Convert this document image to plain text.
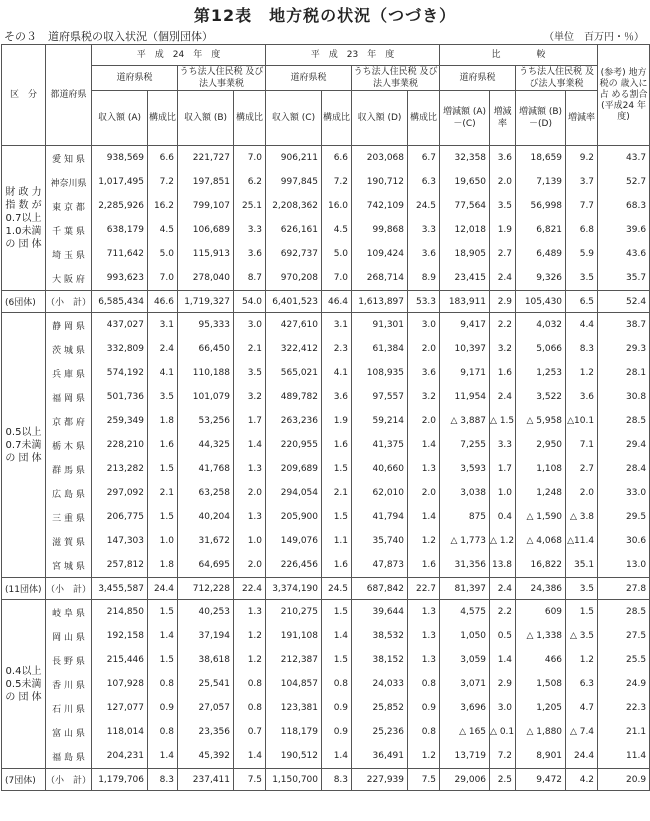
第12表　地方税の状況（つづき）
その３　道府県税の収入状況（個別団体）	（単位　百万円・％）
区　分	都道府県	平　成　24　年　度				平　成　23　年　度				比　　　　較				(参考) 地方税の 歳入に占 める割合 (平成24 年度)
		道府県税		うち法人住民税 及び法人事業税		道府県税		うち法人住民税 及び法人事業税		道府県税		うち法人住民税 及び法人事業税		
		収入額 (A)	構成比	収入額 (B)	構成比	収入額 (C)	構成比	収入額 (D)	構成比	増減額 (A)－(C)	増減率	増減額 (B)－(D)	増減率	
財 政 力 指 数 が 0.7以上 1.0未満 の 団 体	愛 知 県	938,569	6.6	221,727	7.0	906,211	6.6	203,068	6.7	32,358	3.6	18,659	9.2	43.7
	神奈川県	1,017,495	7.2	197,851	6.2	997,845	7.2	190,712	6.3	19,650	2.0	7,139	3.7	52.7
	東 京 都	2,285,926	16.2	799,107	25.1	2,208,362	16.0	742,109	24.5	77,564	3.5	56,998	7.7	68.3
	千 葉 県	638,179	4.5	106,689	3.3	626,161	4.5	99,868	3.3	12,018	1.9	6,821	6.8	39.6
	埼 玉 県	711,642	5.0	115,913	3.6	692,737	5.0	109,424	3.6	18,905	2.7	6,489	5.9	43.6
	大 阪 府	993,623	7.0	278,040	8.7	970,208	7.0	268,714	8.9	23,415	2.4	9,326	3.5	35.7
(6団体)	（小　計）	6,585,434	46.6	1,719,327	54.0	6,401,523	46.4	1,613,897	53.3	183,911	2.9	105,430	6.5	52.4
0.5以上 0.7未満 の 団 体	静 岡 県	437,027	3.1	95,333	3.0	427,610	3.1	91,301	3.0	9,417	2.2	4,032	4.4	38.7
	茨 城 県	332,809	2.4	66,450	2.1	322,412	2.3	61,384	2.0	10,397	3.2	5,066	8.3	29.3
	兵 庫 県	574,192	4.1	110,188	3.5	565,021	4.1	108,935	3.6	9,171	1.6	1,253	1.2	28.1
	福 岡 県	501,736	3.5	101,079	3.2	489,782	3.6	97,557	3.2	11,954	2.4	3,522	3.6	30.8
	京 都 府	259,349	1.8	53,256	1.7	263,236	1.9	59,214	2.0	△ 3,887	△ 1.5	△ 5,958	△10.1	28.5
	栃 木 県	228,210	1.6	44,325	1.4	220,955	1.6	41,375	1.4	7,255	3.3	2,950	7.1	29.4
	群 馬 県	213,282	1.5	41,768	1.3	209,689	1.5	40,660	1.3	3,593	1.7	1,108	2.7	28.4
	広 島 県	297,092	2.1	63,258	2.0	294,054	2.1	62,010	2.0	3,038	1.0	1,248	2.0	33.0
	三 重 県	206,775	1.5	40,204	1.3	205,900	1.5	41,794	1.4	875	0.4	△ 1,590	△ 3.8	29.5
	滋 賀 県	147,303	1.0	31,672	1.0	149,076	1.1	35,740	1.2	△ 1,773	△ 1.2	△ 4,068	△11.4	30.6
	宮 城 県	257,812	1.8	64,695	2.0	226,456	1.6	47,873	1.6	31,356	13.8	16,822	35.1	13.0
(11団体)	（小　計）	3,455,587	24.4	712,228	22.4	3,374,190	24.5	687,842	22.7	81,397	2.4	24,386	3.5	27.8
0.4以上 0.5未満 の 団 体	岐 阜 県	214,850	1.5	40,253	1.3	210,275	1.5	39,644	1.3	4,575	2.2	609	1.5	28.5
	岡 山 県	192,158	1.4	37,194	1.2	191,108	1.4	38,532	1.3	1,050	0.5	△ 1,338	△ 3.5	27.5
	長 野 県	215,446	1.5	38,618	1.2	212,387	1.5	38,152	1.3	3,059	1.4	466	1.2	25.5
	香 川 県	107,928	0.8	25,541	0.8	104,857	0.8	24,033	0.8	3,071	2.9	1,508	6.3	24.9
	石 川 県	127,077	0.9	27,057	0.8	123,381	0.9	25,852	0.9	3,696	3.0	1,205	4.7	22.3
	富 山 県	118,014	0.8	23,356	0.7	118,179	0.9	25,236	0.8	△ 165	△ 0.1	△ 1,880	△ 7.4	21.1
	福 島 県	204,231	1.4	45,392	1.4	190,512	1.4	36,491	1.2	13,719	7.2	8,901	24.4	11.4
(7団体)	（小　計）	1,179,706	8.3	237,411	7.5	1,150,700	8.3	227,939	7.5	29,006	2.5	9,472	4.2	20.9
